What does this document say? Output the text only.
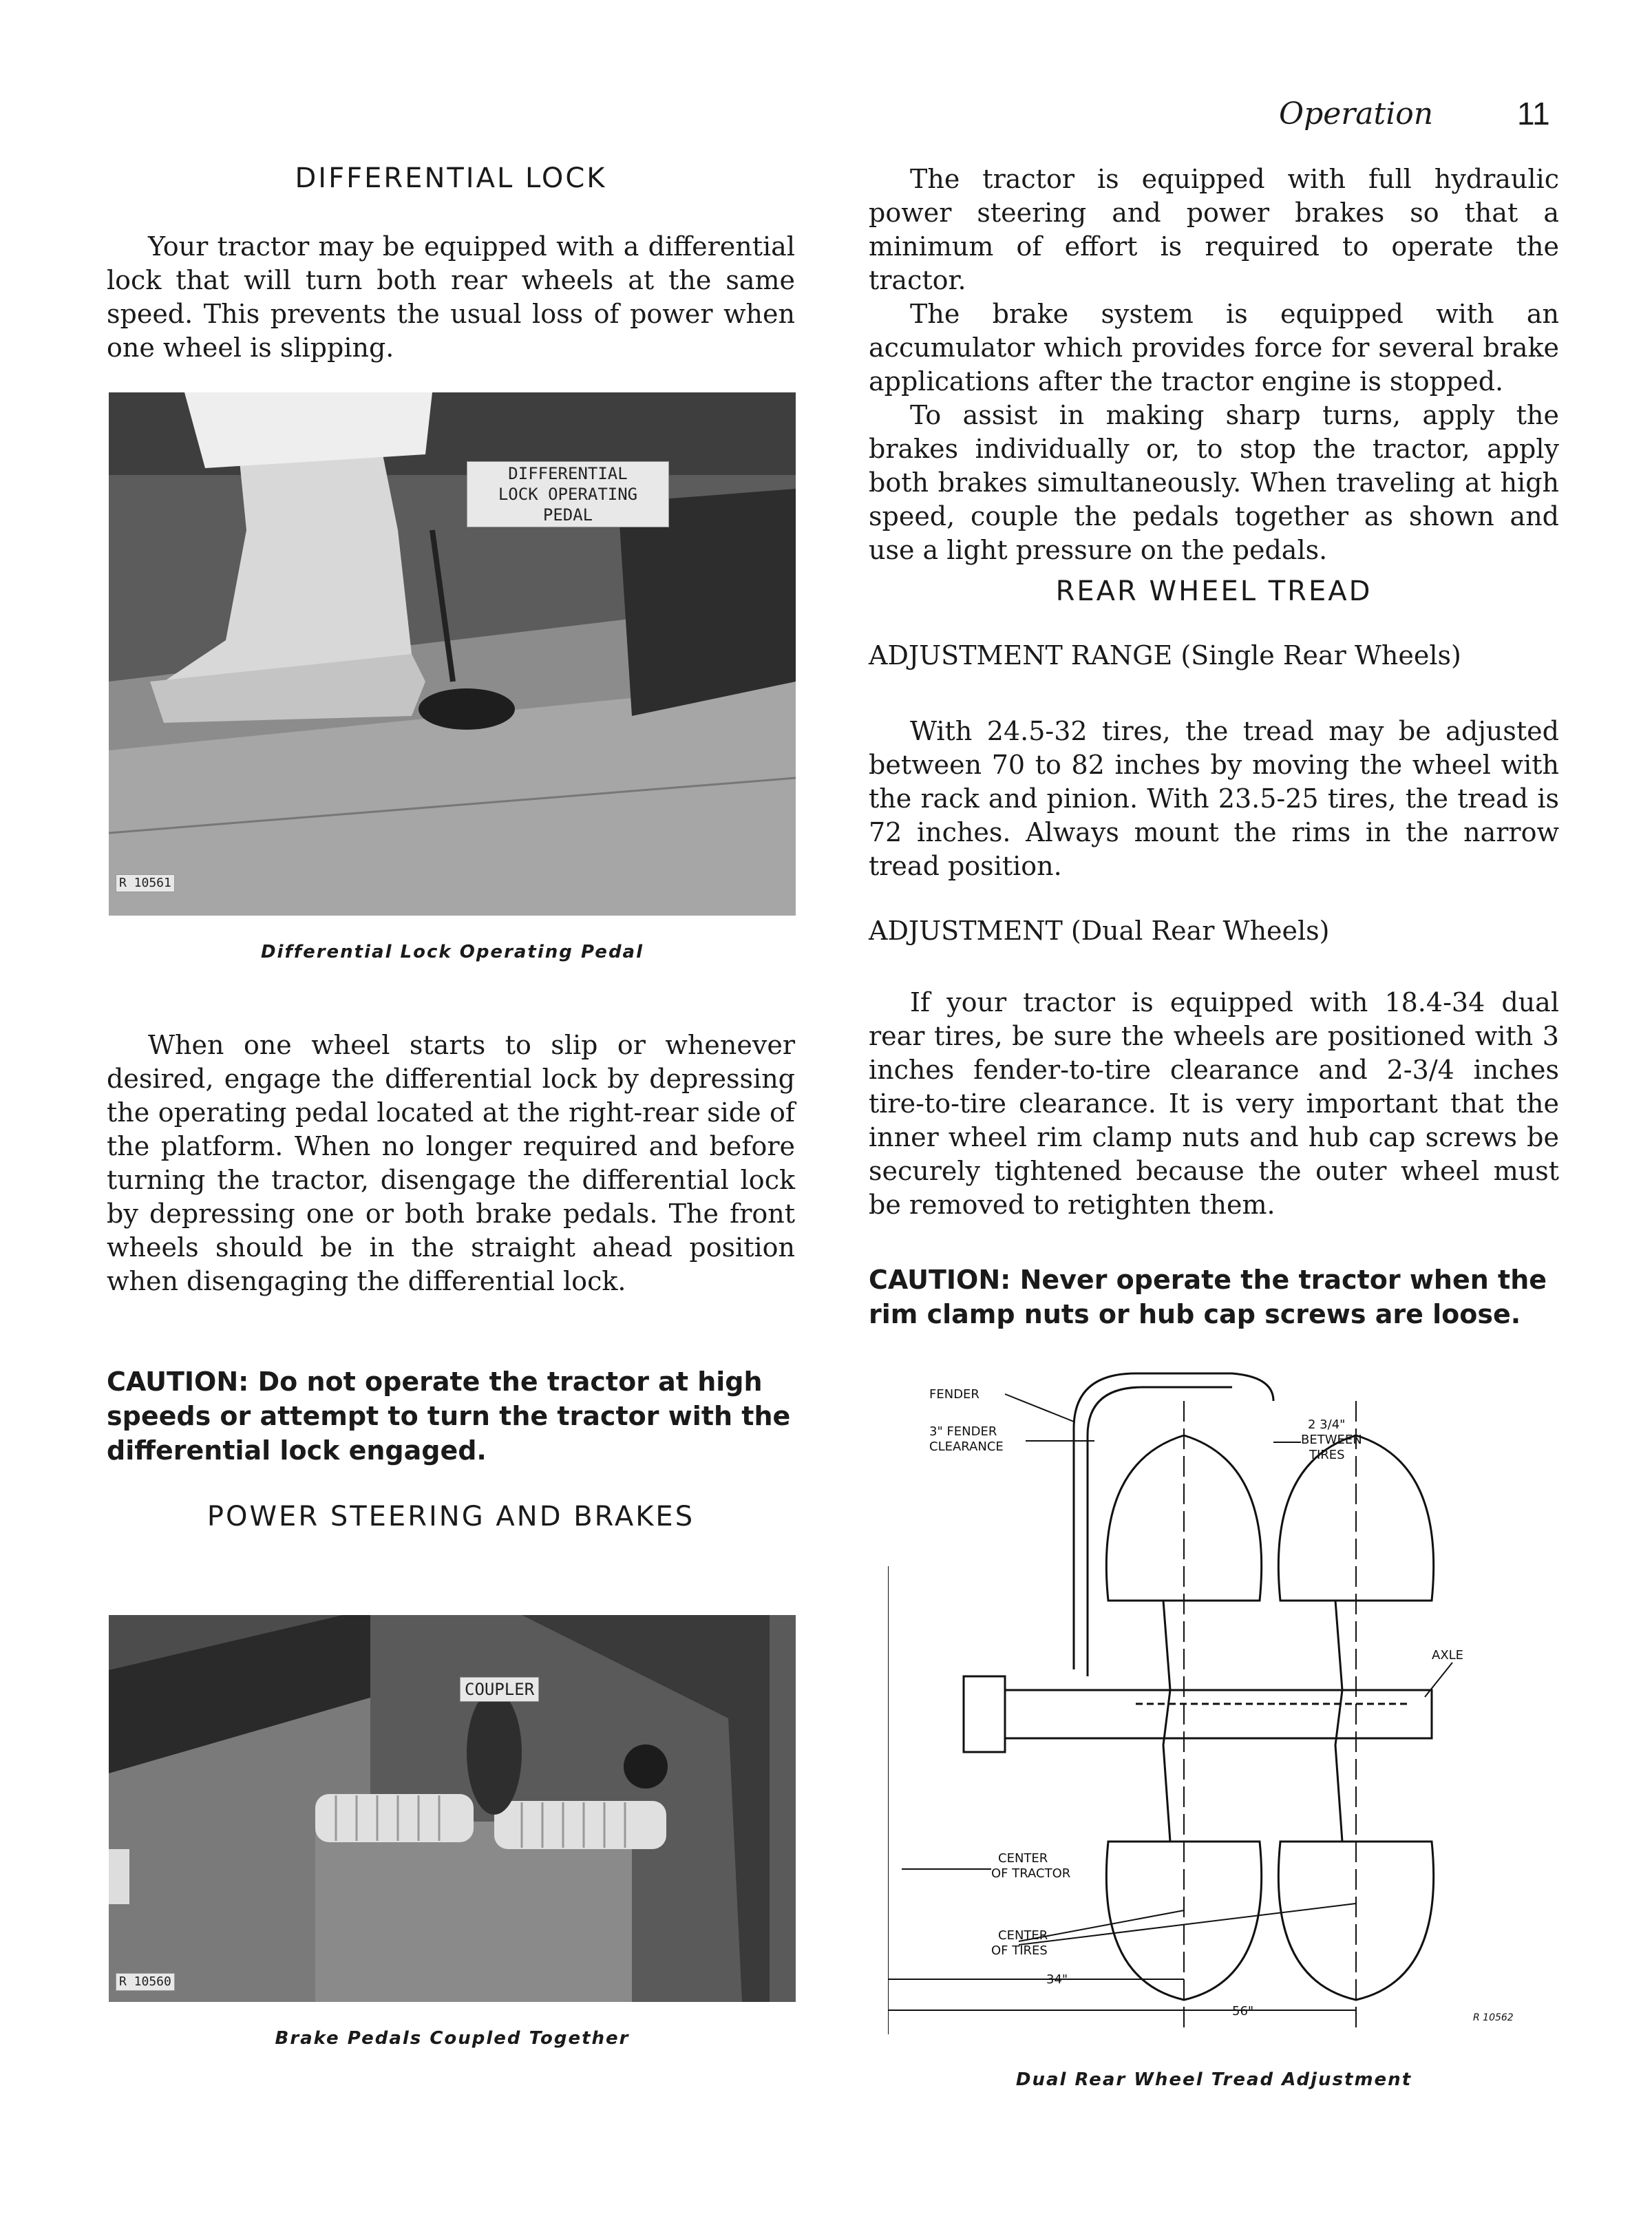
Operation	11
DIFFERENTIAL LOCK

Your tractor may be equipped with a differential lock that will turn both rear wheels at the same speed. This prevents the usual loss of power when one wheel is slipping.

DIFFERENTIAL
LOCK OPERATING
PEDAL
R 10561
Differential Lock Operating Pedal

When one wheel starts to slip or whenever desired, engage the differential lock by depressing the operating pedal located at the right-rear side of the platform. When no longer required and before turning the tractor, disengage the differential lock by depressing one or both brake pedals. The front wheels should be in the straight ahead position when disengaging the differential lock.

CAUTION: Do not operate the tractor at high speeds or attempt to turn the tractor with the differential lock engaged.
POWER STEERING AND BRAKES
COUPLER
R 10560
Brake Pedals Coupled Together

The tractor is equipped with full hydraulic power steering and power brakes so that a minimum of effort is required to operate the tractor.

The brake system is equipped with an accumulator which provides force for several brake applications after the tractor engine is stopped.

To assist in making sharp turns, apply the brakes individually or, to stop the tractor, apply both brakes simultaneously. When traveling at high speed, couple the pedals together as shown and use a light pressure on the pedals.

REAR WHEEL TREAD
ADJUSTMENT RANGE (Single Rear Wheels)

With 24.5-32 tires, the tread may be adjusted between 70 to 82 inches by moving the wheel with the rack and pinion. With 23.5-25 tires, the tread is 72 inches. Always mount the rims in the narrow tread position.

ADJUSTMENT (Dual Rear Wheels)

If your tractor is equipped with 18.4-34 dual rear tires, be sure the wheels are positioned with 3 inches fender-to-tire clearance and 2-3/4 inches tire-to-tire clearance. It is very important that the inner wheel rim clamp nuts and hub cap screws be securely tightened because the outer wheel must be removed to retighten them.

CAUTION: Never operate the tractor when the rim clamp nuts or hub cap screws are loose.
FENDER
3" FENDER
CLEARANCE
2 3/4"
BETWEEN
TIRES
AXLE
CENTER
OF TRACTOR
CENTER
OF TIRES
34"
56"	R 10562
Dual Rear Wheel Tread Adjustment
